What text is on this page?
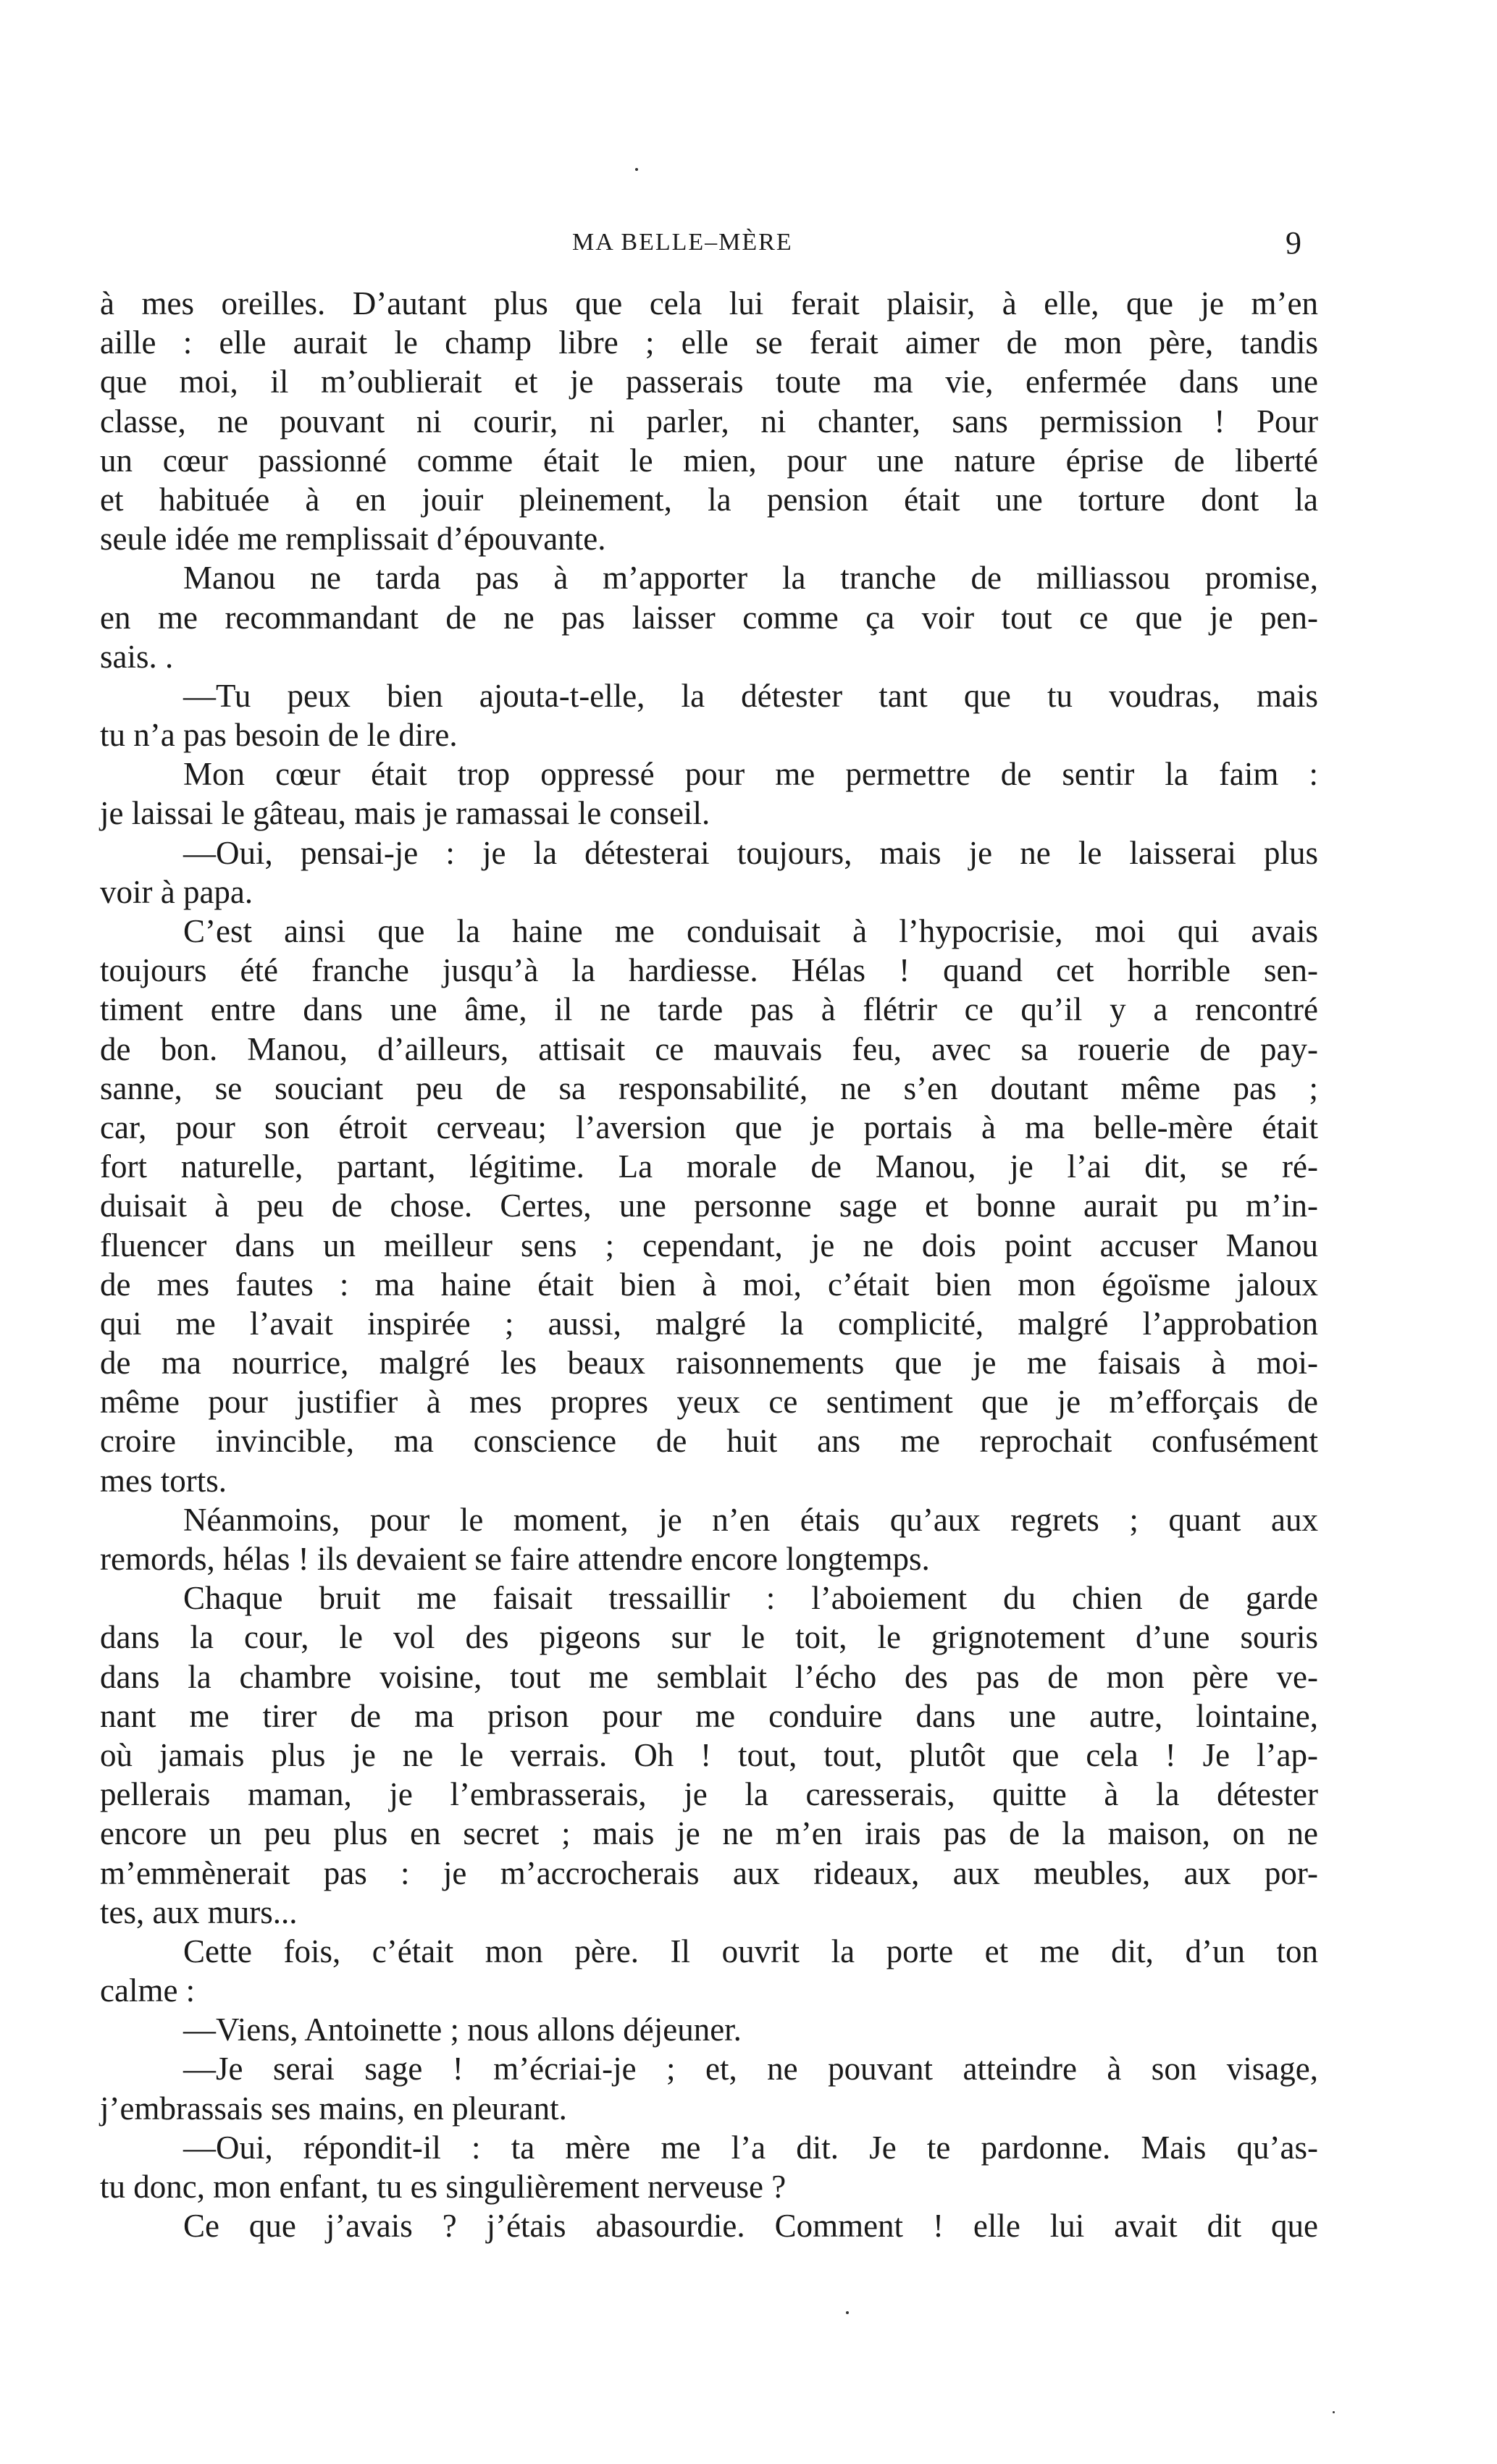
MA BELLE–MÈRE	9
à mes oreilles. D’autant plus que cela lui ferait plaisir, à elle, que je m’en
aille : elle aurait le champ libre ; elle se ferait aimer de mon père, tandis
que moi, il m’oublierait et je passerais toute ma vie, enfermée dans une
classe, ne pouvant ni courir, ni parler, ni chanter, sans permission ! Pour
un cœur passionné comme était le mien, pour une nature éprise de liberté
et habituée à en jouir pleinement, la pension était une torture dont la
seule idée me remplissait d’épouvante.
Manou ne tarda pas à m’apporter la tranche de milliassou promise,
en me recommandant de ne pas laisser comme ça voir tout ce que je pen-
sais. .
—Tu peux bien ajouta-t-elle, la détester tant que tu voudras, mais
tu n’a pas besoin de le dire.
Mon cœur était trop oppressé pour me permettre de sentir la faim :
je laissai le gâteau, mais je ramassai le conseil.
—Oui, pensai-je : je la détesterai toujours, mais je ne le laisserai plus
voir à papa.
C’est ainsi que la haine me conduisait à l’hypocrisie, moi qui avais
toujours été franche jusqu’à la hardiesse. Hélas ! quand cet horrible sen-
timent entre dans une âme, il ne tarde pas à flétrir ce qu’il y a rencontré
de bon. Manou, d’ailleurs, attisait ce mauvais feu, avec sa rouerie de pay-
sanne, se souciant peu de sa responsabilité, ne s’en doutant même pas ;
car, pour son étroit cerveau; l’aversion que je portais à ma belle-mère était
fort naturelle, partant, légitime. La morale de Manou, je l’ai dit, se ré-
duisait à peu de chose. Certes, une personne sage et bonne aurait pu m’in-
fluencer dans un meilleur sens ; cependant, je ne dois point accuser Manou
de mes fautes : ma haine était bien à moi, c’était bien mon égoïsme jaloux
qui me l’avait inspirée ; aussi, malgré la complicité, malgré l’approbation
de ma nourrice, malgré les beaux raisonnements que je me faisais à moi-
même pour justifier à mes propres yeux ce sentiment que je m’efforçais de
croire invincible, ma conscience de huit ans me reprochait confusément
mes torts.
Néanmoins, pour le moment, je n’en étais qu’aux regrets ; quant aux
remords, hélas ! ils devaient se faire attendre encore longtemps.
Chaque bruit me faisait tressaillir : l’aboiement du chien de garde
dans la cour, le vol des pigeons sur le toit, le grignotement d’une souris
dans la chambre voisine, tout me semblait l’écho des pas de mon père ve-
nant me tirer de ma prison pour me conduire dans une autre, lointaine,
où jamais plus je ne le verrais. Oh ! tout, tout, plutôt que cela ! Je l’ap-
pellerais maman, je l’embrasserais, je la caresserais, quitte à la détester
encore un peu plus en secret ; mais je ne m’en irais pas de la maison, on ne
m’emmènerait pas : je m’accrocherais aux rideaux, aux meubles, aux por-
tes, aux murs...
Cette fois, c’était mon père. Il ouvrit la porte et me dit, d’un ton
calme :
—Viens, Antoinette ; nous allons déjeuner.
—Je serai sage ! m’écriai-je ; et, ne pouvant atteindre à son visage,
j’embrassais ses mains, en pleurant.
—Oui, répondit-il : ta mère me l’a dit. Je te pardonne. Mais qu’as-
tu donc, mon enfant, tu es singulièrement nerveuse ?
Ce que j’avais ? j’étais abasourdie. Comment ! elle lui avait dit que
